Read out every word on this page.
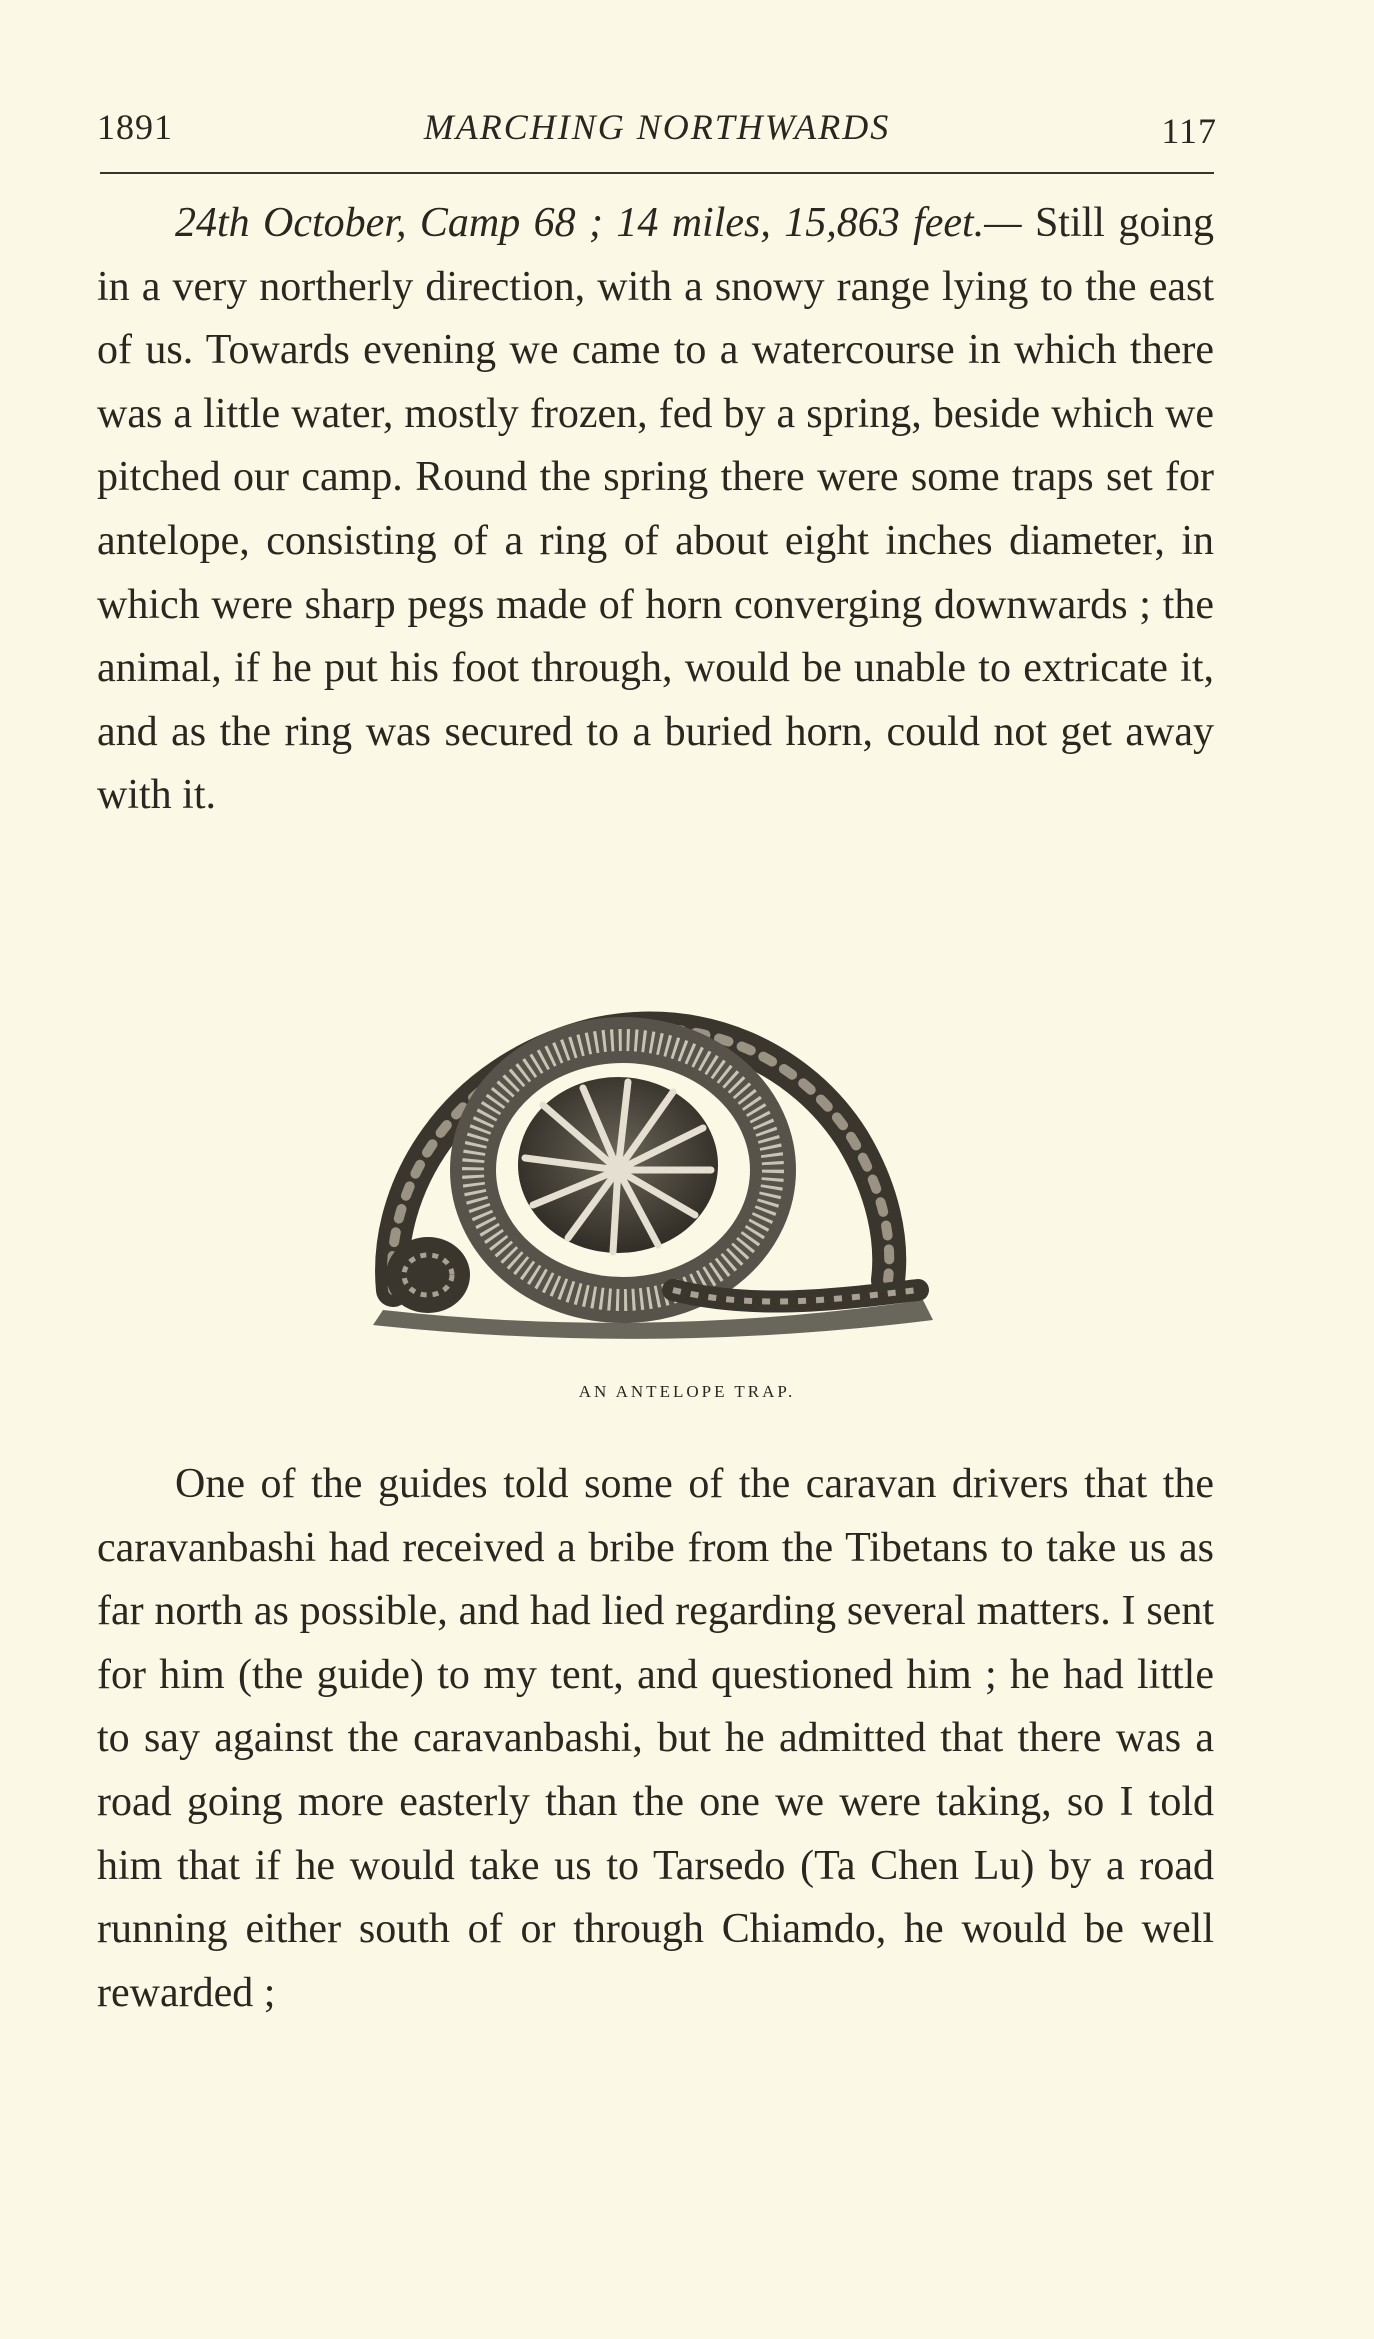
1891	MARCHING NORTHWARDS	117

24th October, Camp 68 ; 14 miles, 15,863 feet.— Still going in a very northerly direction, with a snowy range lying to the east of us. Towards evening we came to a watercourse in which there was a little water, mostly frozen, fed by a spring, beside which we pitched our camp. Round the spring there were some traps set for antelope, consisting of a ring of about eight inches diameter, in which were sharp pegs made of horn converging downwards ; the animal, if he put his foot through, would be unable to extricate it, and as the ring was secured to a buried horn, could not get away with it.

AN ANTELOPE TRAP.

One of the guides told some of the caravan drivers that the caravanbashi had received a bribe from the Tibetans to take us as far north as possible, and had lied regarding several matters. I sent for him (the guide) to my tent, and questioned him ; he had little to say against the caravanbashi, but he admitted that there was a road going more easterly than the one we were taking, so I told him that if he would take us to Tarsedo (Ta Chen Lu) by a road running either south of or through Chiamdo, he would be well rewarded ;
